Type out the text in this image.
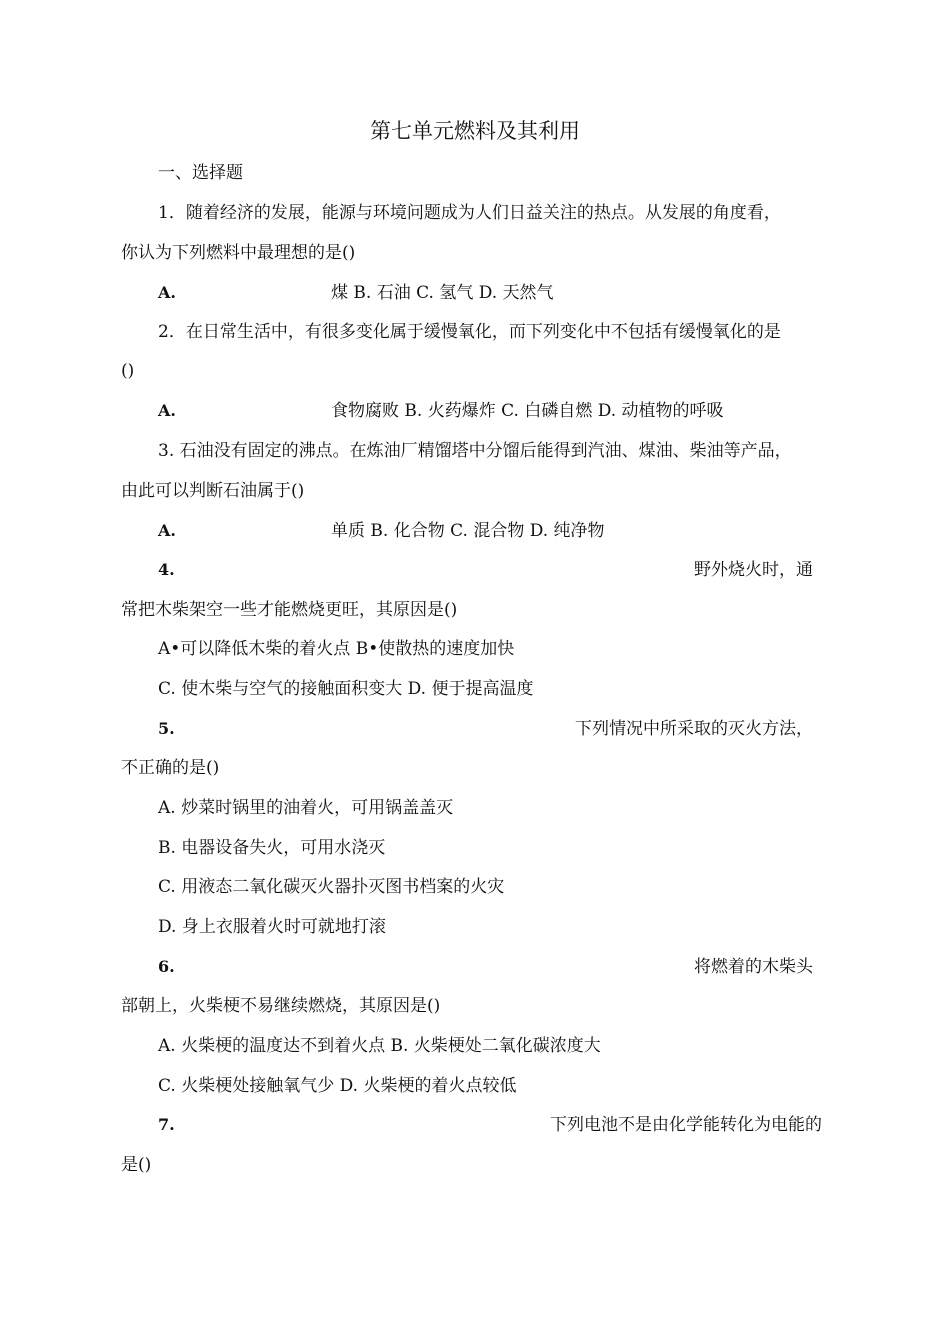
第七单元燃料及其利用
一、选择题
1．随着经济的发展，能源与环境问题成为人们日益关注的热点。从发展的角度看，
你认为下列燃料中最理想的是()
A.	煤 B. 石油 C. 氢气 D. 天然气
2．在日常生活中，有很多变化属于缓慢氧化，而下列变化中不包括有缓慢氧化的是
()
A.	食物腐败 B. 火药爆炸 C. 白磷自燃 D. 动植物的呼吸
3. 石油没有固定的沸点。在炼油厂精馏塔中分馏后能得到汽油、煤油、柴油等产品，
由此可以判断石油属于()
A.	单质 B. 化合物 C. 混合物 D. 纯净物
4.	野外烧火时，通
常把木柴架空一些才能燃烧更旺，其原因是()
A•可以降低木柴的着火点 B•使散热的速度加快
C. 使木柴与空气的接触面积变大 D. 便于提高温度
5.	下列情况中所采取的灭火方法，
不正确的是()
A. 炒菜时锅里的油着火，可用锅盖盖灭
B. 电器设备失火，可用水浇灭
C. 用液态二氧化碳灭火器扑灭图书档案的火灾
D. 身上衣服着火时可就地打滚
6.	将燃着的木柴头
部朝上，火柴梗不易继续燃烧，其原因是()
A. 火柴梗的温度达不到着火点 B. 火柴梗处二氧化碳浓度大
C. 火柴梗处接触氧气少 D. 火柴梗的着火点较低
7.	下列电池不是由化学能转化为电能的
是()
